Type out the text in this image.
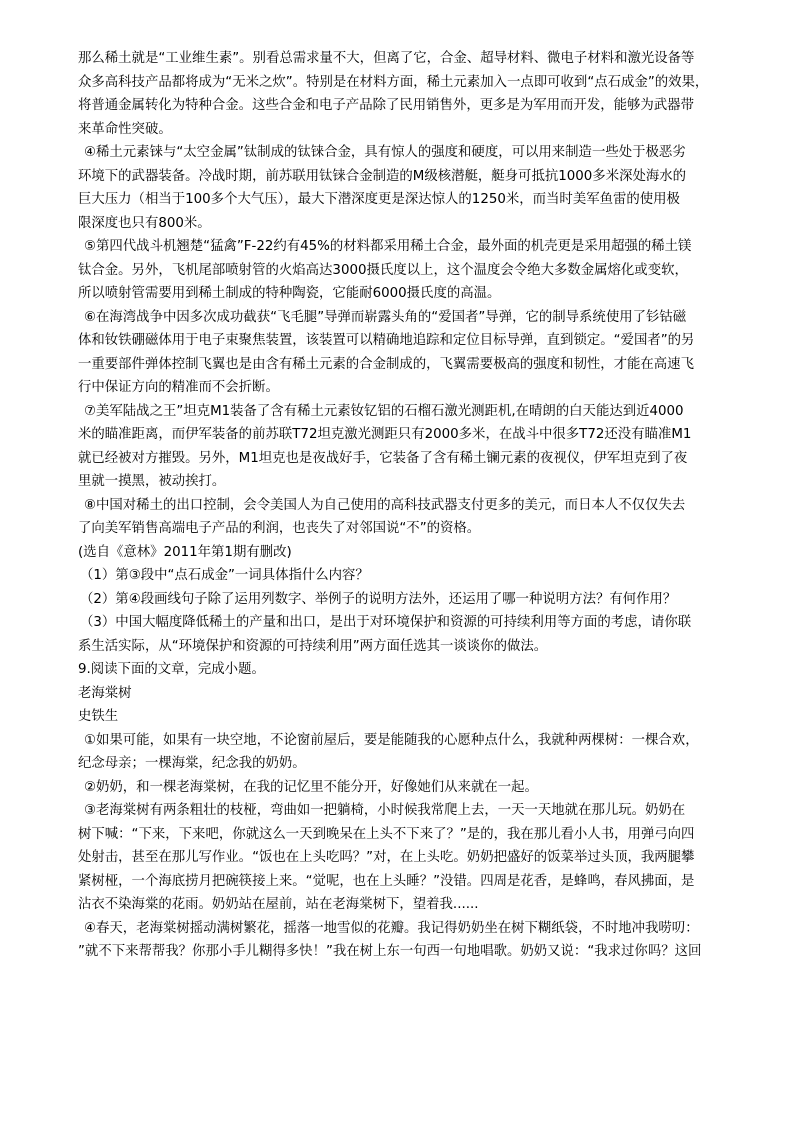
那么稀土就是“工业维生素”。别看总需求量不大，但离了它，合金、超导材料、微电子材料和激光设备等
众多高科技产品都将成为“无米之炊”。特别是在材料方面，稀土元素加入一点即可收到“点石成金”的效果，
将普通金属转化为特种合金。这些合金和电子产品除了民用销售外，更多是为军用而开发，能够为武器带
来革命性突破。
④稀土元素铼与“太空金属”钛制成的钛铼合金，具有惊人的强度和硬度，可以用来制造一些处于极恶劣
环境下的武器装备。冷战时期，前苏联用钛铼合金制造的M级核潜艇，艇身可抵抗1000多米深处海水的
巨大压力（相当于100多个大气压），最大下潜深度更是深达惊人的1250米，而当时美军鱼雷的使用极
限深度也只有800米。
⑤第四代战斗机翘楚“猛禽”F-22约有45%的材料都采用稀土合金，最外面的机壳更是采用超强的稀土镁
钛合金。另外，飞机尾部喷射管的火焰高达3000摄氏度以上，这个温度会令绝大多数金属熔化或变软，
所以喷射管需要用到稀土制成的特种陶瓷，它能耐6000摄氏度的高温。
⑥在海湾战争中因多次成功截获“飞毛腿”导弹而崭露头角的“爱国者”导弹，它的制导系统使用了钐钴磁
体和钕铁硼磁体用于电子束聚焦装置，该装置可以精确地追踪和定位目标导弹，直到锁定。“爱国者”的另
一重要部件弹体控制飞翼也是由含有稀土元素的合金制成的，飞翼需要极高的强度和韧性，才能在高速飞
行中保证方向的精准而不会折断。
⑦美军陆战之王”坦克M1装备了含有稀土元素钕钇铝的石榴石激光测距机,在晴朗的白天能达到近4000
米的瞄准距离，而伊军装备的前苏联T72坦克激光测距只有2000多米，在战斗中很多T72还没有瞄准M1
就已经被对方摧毁。另外，M1坦克也是夜战好手，它装备了含有稀土镧元素的夜视仪，伊军坦克到了夜
里就一摸黑，被动挨打。
⑧中国对稀土的出口控制，会令美国人为自己使用的高科技武器支付更多的美元，而日本人不仅仅失去
了向美军销售高端电子产品的利润，也丧失了对邻国说“不”的资格。
(选自《意林》2011年第1期有删改)
（1）第③段中“点石成金”一词具体指什么内容？
（2）第④段画线句子除了运用列数字、举例子的说明方法外，还运用了哪一种说明方法？有何作用？
（3）中国大幅度降低稀土的产量和出口，是出于对环境保护和资源的可持续利用等方面的考虑，请你联
系生活实际，从“环境保护和资源的可持续利用”两方面任选其一谈谈你的做法。
9.阅读下面的文章，完成小题。
老海棠树
史铁生
①如果可能，如果有一块空地，不论窗前屋后，要是能随我的心愿种点什么，我就种两棵树：一棵合欢，
纪念母亲；一棵海棠，纪念我的奶奶。
②奶奶，和一棵老海棠树，在我的记忆里不能分开，好像她们从来就在一起。
③老海棠树有两条粗壮的枝桠，弯曲如一把躺椅，小时候我常爬上去，一天一天地就在那儿玩。奶奶在
树下喊：“下来，下来吧，你就这么一天到晚呆在上头不下来了？”是的，我在那儿看小人书，用弹弓向四
处射击，甚至在那儿写作业。“饭也在上头吃吗？”对，在上头吃。奶奶把盛好的饭菜举过头顶，我两腿攀
紧树桠，一个海底捞月把碗筷接上来。“觉呢，也在上头睡？”没错。四周是花香，是蜂鸣，春风拂面，是
沾衣不染海棠的花雨。奶奶站在屋前，站在老海棠树下，望着我......
④春天，老海棠树摇动满树繁花，摇落一地雪似的花瓣。我记得奶奶坐在树下糊纸袋，不时地冲我唠叨：
”就不下来帮帮我？你那小手儿糊得多快！”我在树上东一句西一句地唱歌。奶奶又说：“我求过你吗？这回
